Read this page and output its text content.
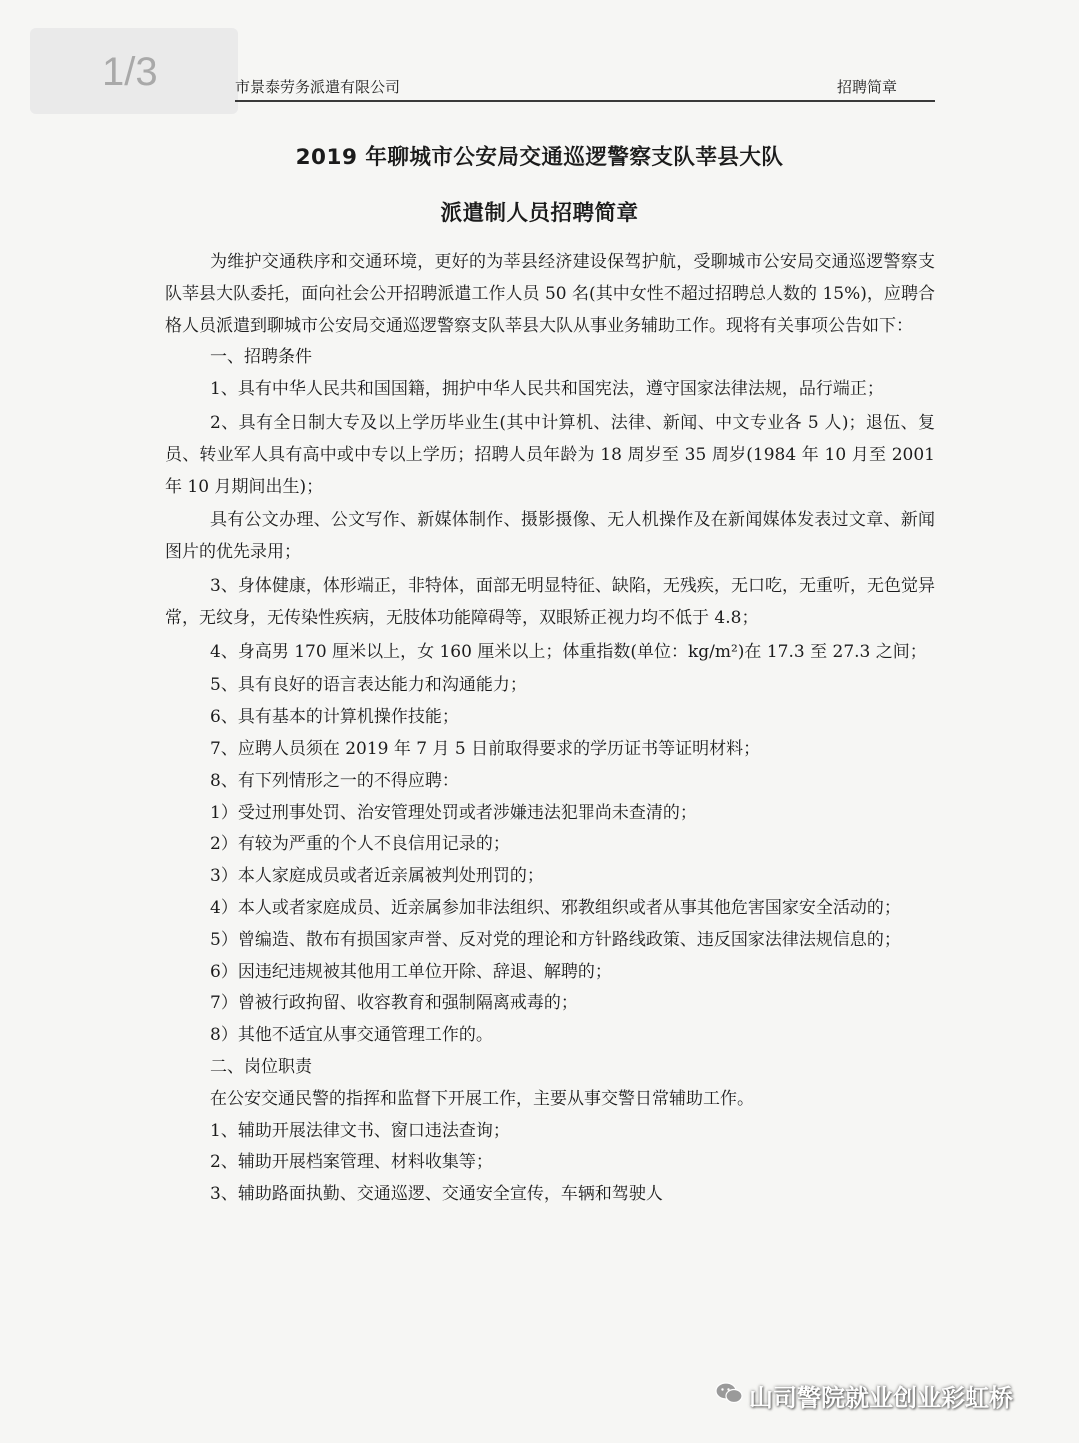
1/3	市景泰劳务派遣有限公司	招聘简章
2019 年聊城市公安局交通巡逻警察支队莘县大队
派遣制人员招聘简章

为维护交通秩序和交通环境，更好的为莘县经济建设保驾护航，受聊城市公安局交通巡逻警察支队莘县大队委托，面向社会公开招聘派遣工作人员 50 名(其中女性不超过招聘总人数的 15%)，应聘合格人员派遣到聊城市公安局交通巡逻警察支队莘县大队从事业务辅助工作。现将有关事项公告如下：

一、招聘条件

1、具有中华人民共和国国籍，拥护中华人民共和国宪法，遵守国家法律法规，品行端正；

2、具有全日制大专及以上学历毕业生(其中计算机、法律、新闻、中文专业各 5 人)；退伍、复员、转业军人具有高中或中专以上学历；招聘人员年龄为 18 周岁至 35 周岁(1984 年 10 月至 2001 年 10 月期间出生)；

具有公文办理、公文写作、新媒体制作、摄影摄像、无人机操作及在新闻媒体发表过文章、新闻图片的优先录用；

3、身体健康，体形端正，非特体，面部无明显特征、缺陷，无残疾，无口吃，无重听，无色觉异常，无纹身，无传染性疾病，无肢体功能障碍等，双眼矫正视力均不低于 4.8；

4、身高男 170 厘米以上，女 160 厘米以上；体重指数(单位：kg/m²)在 17.3 至 27.3 之间；

5、具有良好的语言表达能力和沟通能力；

6、具有基本的计算机操作技能；

7、应聘人员须在 2019 年 7 月 5 日前取得要求的学历证书等证明材料；

8、有下列情形之一的不得应聘：

1）受过刑事处罚、治安管理处罚或者涉嫌违法犯罪尚未查清的；

2）有较为严重的个人不良信用记录的；

3）本人家庭成员或者近亲属被判处刑罚的；

4）本人或者家庭成员、近亲属参加非法组织、邪教组织或者从事其他危害国家安全活动的；

5）曾编造、散布有损国家声誉、反对党的理论和方针路线政策、违反国家法律法规信息的；

6）因违纪违规被其他用工单位开除、辞退、解聘的；

7）曾被行政拘留、收容教育和强制隔离戒毒的；

8）其他不适宜从事交通管理工作的。

二、岗位职责

在公安交通民警的指挥和监督下开展工作，主要从事交警日常辅助工作。

1、辅助开展法律文书、窗口违法查询；

2、辅助开展档案管理、材料收集等；

3、辅助路面执勤、交通巡逻、交通安全宣传，车辆和驾驶人

山司警院就业创业彩虹桥
